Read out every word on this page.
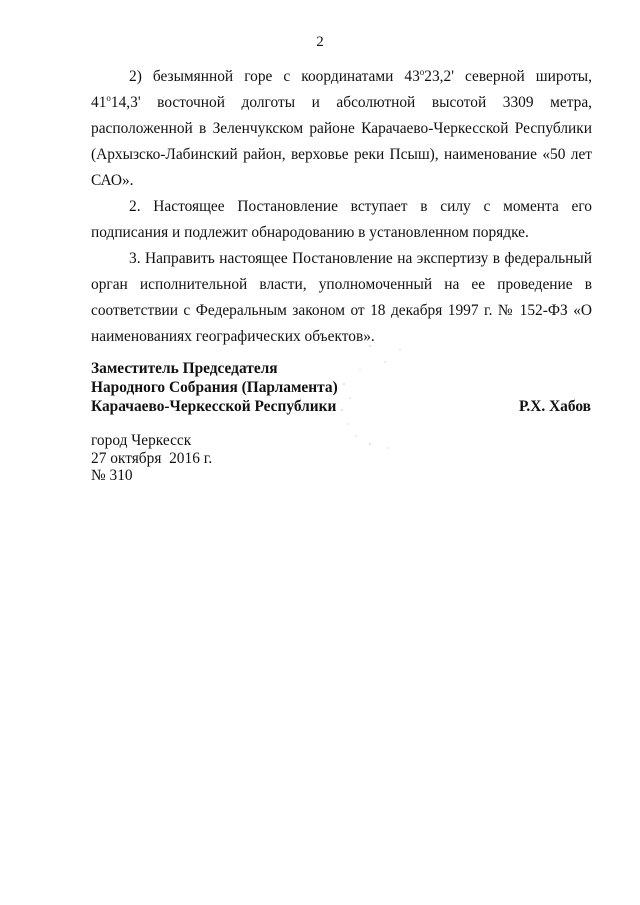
2

2) безымянной горе с координатами 43$^o$23,2' северной широты, 41$^o$14,3' восточной долготы и абсолютной высотой 3309 метра, расположенной в Зеленчукском районе Карачаево-Черкесской Республики (Архызско-Лабинский район, верховье реки Псыш), наименование «50 лет САО».

2. Настоящее Постановление вступает в силу с момента его подписания и подлежит обнародованию в установленном порядке.

3. Направить настоящее Постановление на экспертизу в федеральный орган исполнительной власти, уполномоченный на ее проведение в соответствии с Федеральным законом от 18 декабря 1997 г. № 152-ФЗ «О наименованиях географических объектов».

Заместитель Председателя
Народного Собрания (Парламента)
Карачаево-Черкесской Республики	Р.Х. Хабов
город Черкесск
27 октября  2016 г.
№ 310
